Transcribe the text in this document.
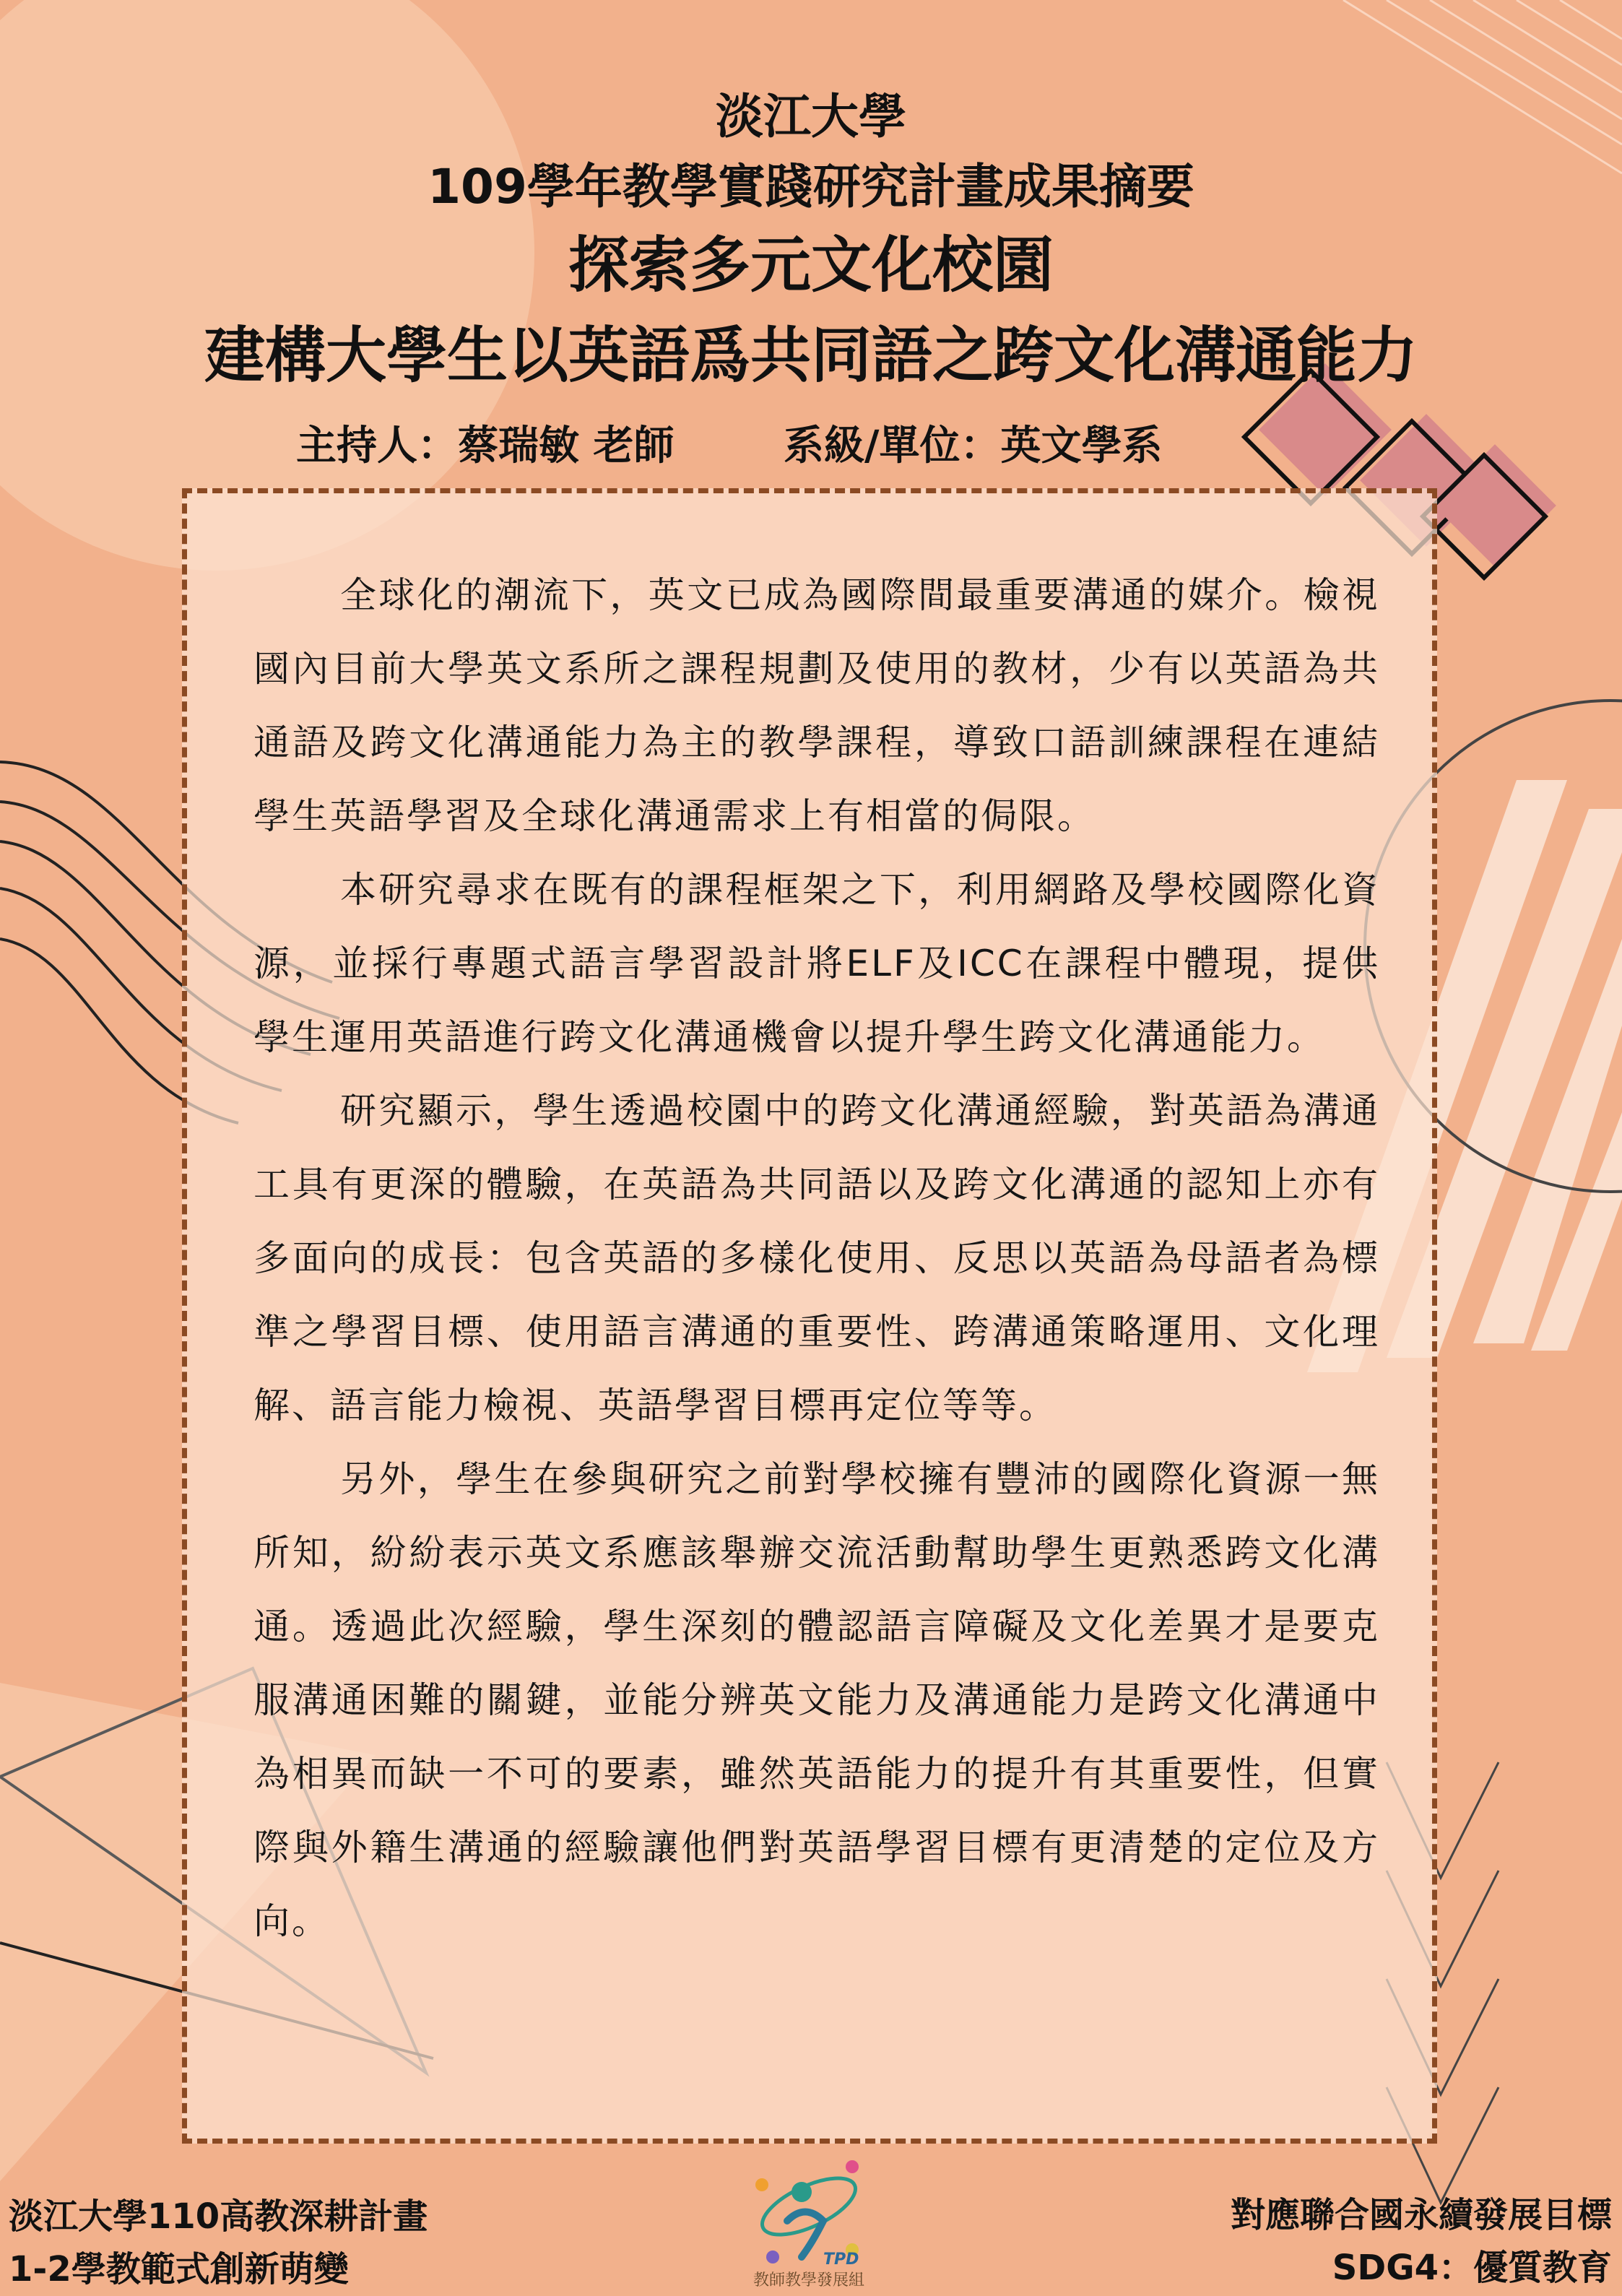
淡江大學
109學年教學實踐研究計畫成果摘要
探索多元文化校園
建構大學生以英語爲共同語之跨文化溝通能力
主持人：蔡瑞敏 老師	系級/單位：英文學系

全球化的潮流下，英文已成為國際間最重要溝通的媒介。檢視國內目前大學英文系所之課程規劃及使用的教材，少有以英語為共通語及跨文化溝通能力為主的教學課程，導致口語訓練課程在連結學生英語學習及全球化溝通需求上有相當的侷限。

本研究尋求在既有的課程框架之下，利用網路及學校國際化資源，並採行專題式語言學習設計將ELF及ICC在課程中體現，提供學生運用英語進行跨文化溝通機會以提升學生跨文化溝通能力。

研究顯示，學生透過校園中的跨文化溝通經驗，對英語為溝通工具有更深的體驗，在英語為共同語以及跨文化溝通的認知上亦有多面向的成長：包含英語的多樣化使用、反思以英語為母語者為標準之學習目標、使用語言溝通的重要性、跨溝通策略運用、文化理解、語言能力檢視、英語學習目標再定位等等。

另外，學生在參與研究之前對學校擁有豐沛的國際化資源一無所知，紛紛表示英文系應該舉辦交流活動幫助學生更熟悉跨文化溝通。透過此次經驗，學生深刻的體認語言障礙及文化差異才是要克服溝通困難的關鍵，並能分辨英文能力及溝通能力是跨文化溝通中為相異而缺一不可的要素，雖然英語能力的提升有其重要性，但實際與外籍生溝通的經驗讓他們對英語學習目標有更清楚的定位及方向。

淡江大學110高教深耕計畫
1-2學教範式創新萌變	TPD
教師教學發展組
對應聯合國永續發展目標
SDG4：優質教育
